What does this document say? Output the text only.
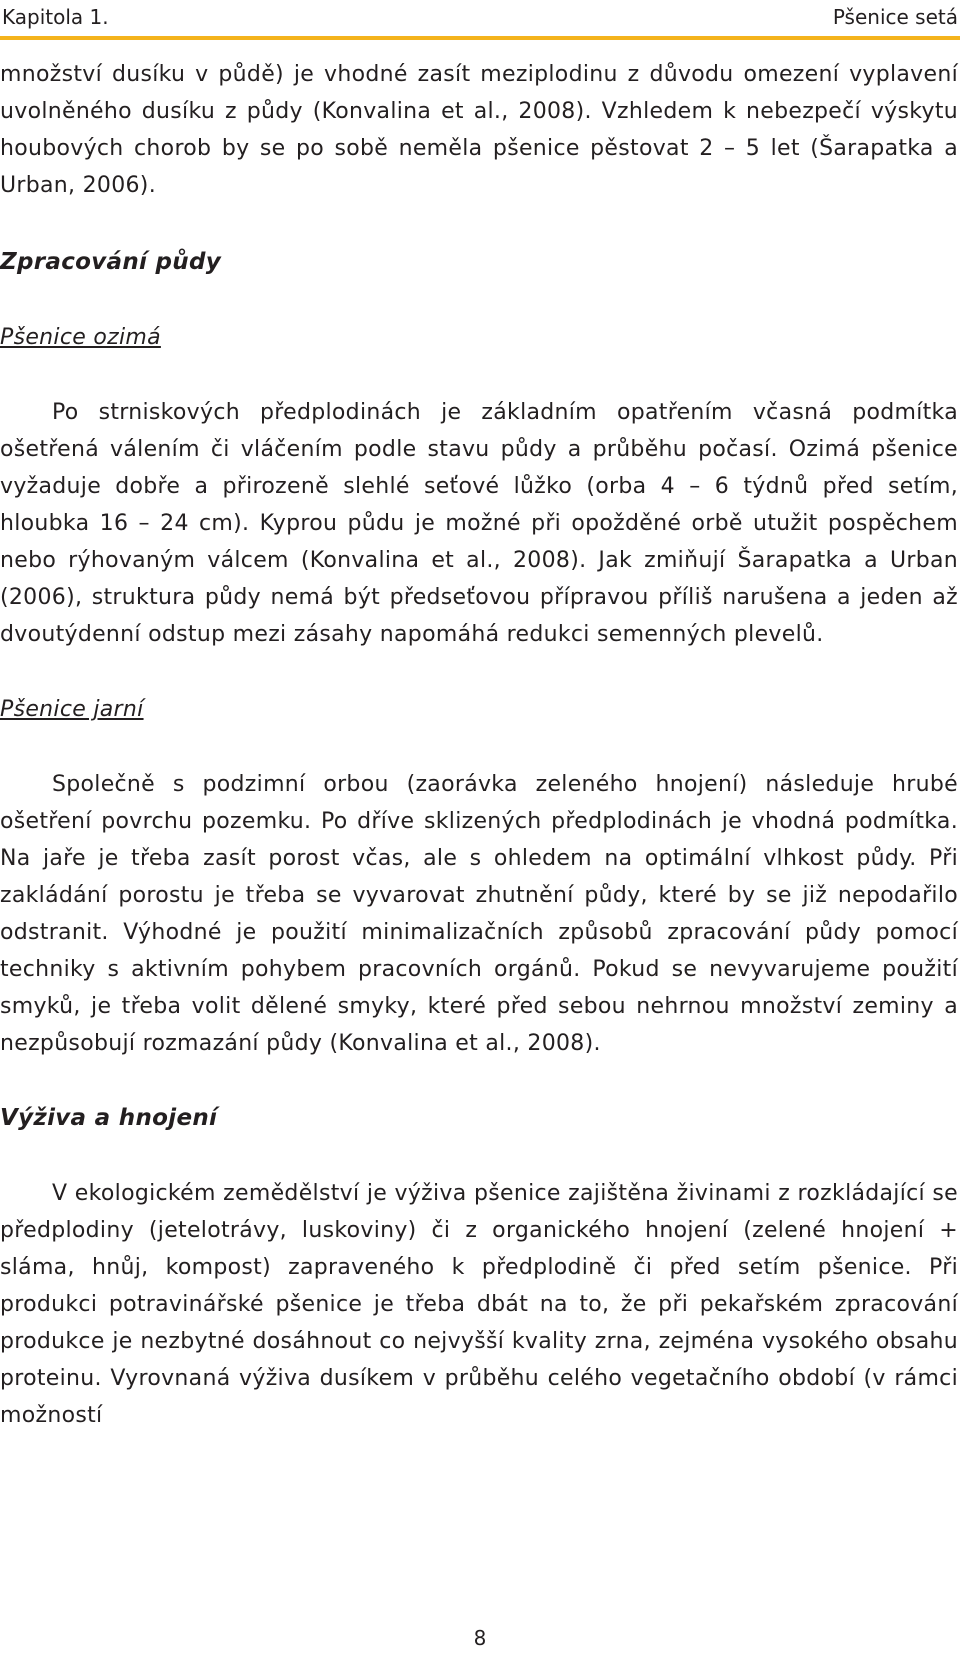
Kapitola 1.	Pšenice setá

množství dusíku v půdě) je vhodné zasít meziplodinu z důvodu omezení vyplavení uvolněného dusíku z půdy (Konvalina et al., 2008). Vzhledem k nebezpečí výskytu houbových chorob by se po sobě neměla pšenice pěstovat 2 – 5 let (Šarapatka a Urban, 2006).

Zpracování půdy
Pšenice ozimá

Po strniskových předplodinách je základním opatřením včasná podmítka ošetřená válením či vláčením podle stavu půdy a průběhu počasí. Ozimá pšenice vyžaduje dobře a přirozeně slehlé seťové lůžko (orba 4 – 6 týdnů před setím, hloubka 16 – 24 cm). Kyprou půdu je možné při opožděné orbě utužit pospěchem nebo rýhovaným válcem (Konvalina et al., 2008). Jak zmiňují Šarapatka a Urban (2006), struktura půdy nemá být předseťovou přípravou příliš narušena a jeden až dvoutýdenní odstup mezi zásahy napomáhá redukci semenných plevelů.

Pšenice jarní

Společně s podzimní orbou (zaorávka zeleného hnojení) následuje hrubé ošetření povrchu pozemku. Po dříve sklizených předplodinách je vhodná podmítka. Na jaře je třeba zasít porost včas, ale s ohledem na optimální vlhkost půdy. Při zakládání porostu je třeba se vyvarovat zhutnění půdy, které by se již nepodařilo odstranit. Výhodné je použití minimalizačních způsobů zpracování půdy pomocí techniky s aktivním pohybem pracovních orgánů. Pokud se nevyvarujeme použití smyků, je třeba volit dělené smyky, které před sebou nehrnou množství zeminy a nezpůsobují rozmazání půdy (Konvalina et al., 2008).

Výživa a hnojení

V ekologickém zemědělství je výživa pšenice zajištěna živinami z rozkládající se předplodiny (jetelotrávy, luskoviny) či z organického hnojení (zelené hnojení + sláma, hnůj, kompost) zapraveného k předplodině či před setím pšenice. Při produkci potravinářské pšenice je třeba dbát na to, že při pekařském zpracování produkce je nezbytné dosáhnout co nejvyšší kvality zrna, zejména vysokého obsahu proteinu. Vyrovnaná výživa dusíkem v průběhu celého vegetačního období (v rámci možností

8
